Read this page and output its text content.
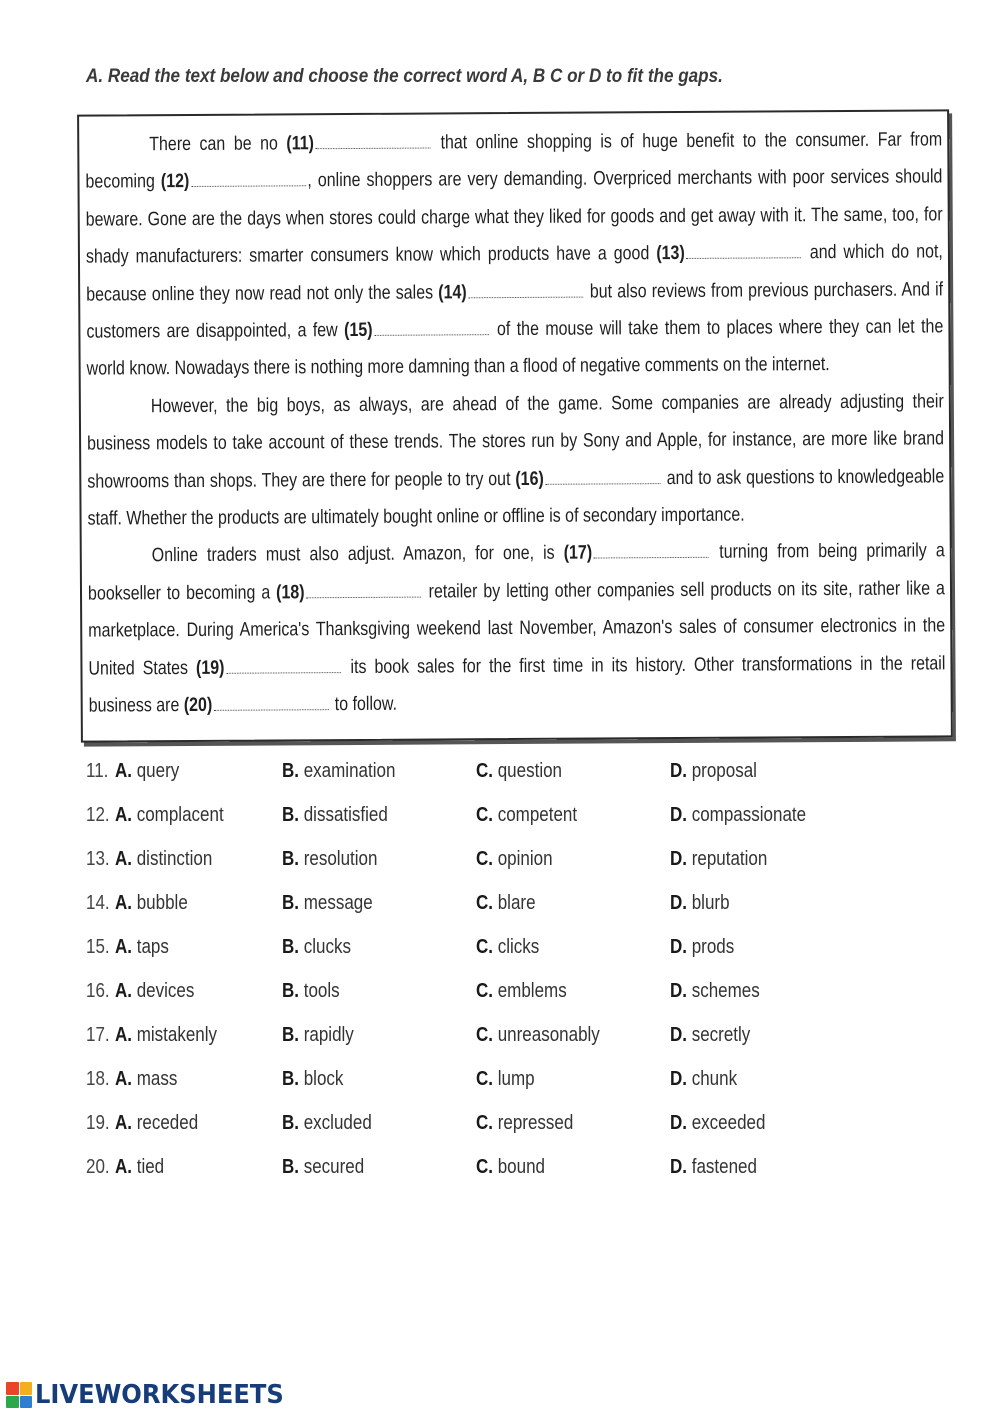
A. Read the text below and choose the correct word A, B C or D to fit the gaps.

There can be no (11)	that online shopping is of huge benefit to the consumer. Far from becoming (12)	, online shoppers are very demanding. Overpriced merchants with poor services should beware. Gone are the days when stores could charge what they liked for goods and get away with it. The same, too, for shady manufacturers: smarter consumers know which products have a good (13)	and which do not, because online they now read not only the sales (14)	but also reviews from previous purchasers. And if customers are disappointed, a few (15)	of the mouse will take them to places where they can let the world know. Nowadays there is nothing more damning than a flood of negative comments on the internet.

However, the big boys, as always, are ahead of the game. Some companies are already adjusting their business models to take account of these trends. The stores run by Sony and Apple, for instance, are more like brand showrooms than shops. They are there for people to try out (16)	and to ask questions to knowledgeable staff. Whether the products are ultimately bought online or offline is of secondary importance.

Online traders must also adjust. Amazon, for one, is (17)	turning from being primarily a bookseller to becoming a (18)	retailer by letting other companies sell products on its site, rather like a marketplace. During America's Thanksgiving weekend last November, Amazon's sales of consumer electronics in the United States (19)	its book sales for the first time in its history. Other transformations in the retail business are (20)	to follow.

11. A. query	B. examination	C. question	D. proposal
12. A. complacent	B. dissatisfied	C. competent	D. compassionate
13. A. distinction	B. resolution	C. opinion	D. reputation
14. A. bubble	B. message	C. blare	D. blurb
15. A. taps	B. clucks	C. clicks	D. prods
16. A. devices	B. tools	C. emblems	D. schemes
17. A. mistakenly	B. rapidly	C. unreasonably	D. secretly
18. A. mass	B. block	C. lump	D. chunk
19. A. receded	B. excluded	C. repressed	D. exceeded
20. A. tied	B. secured	C. bound	D. fastened
LIVEWORKSHEETS
